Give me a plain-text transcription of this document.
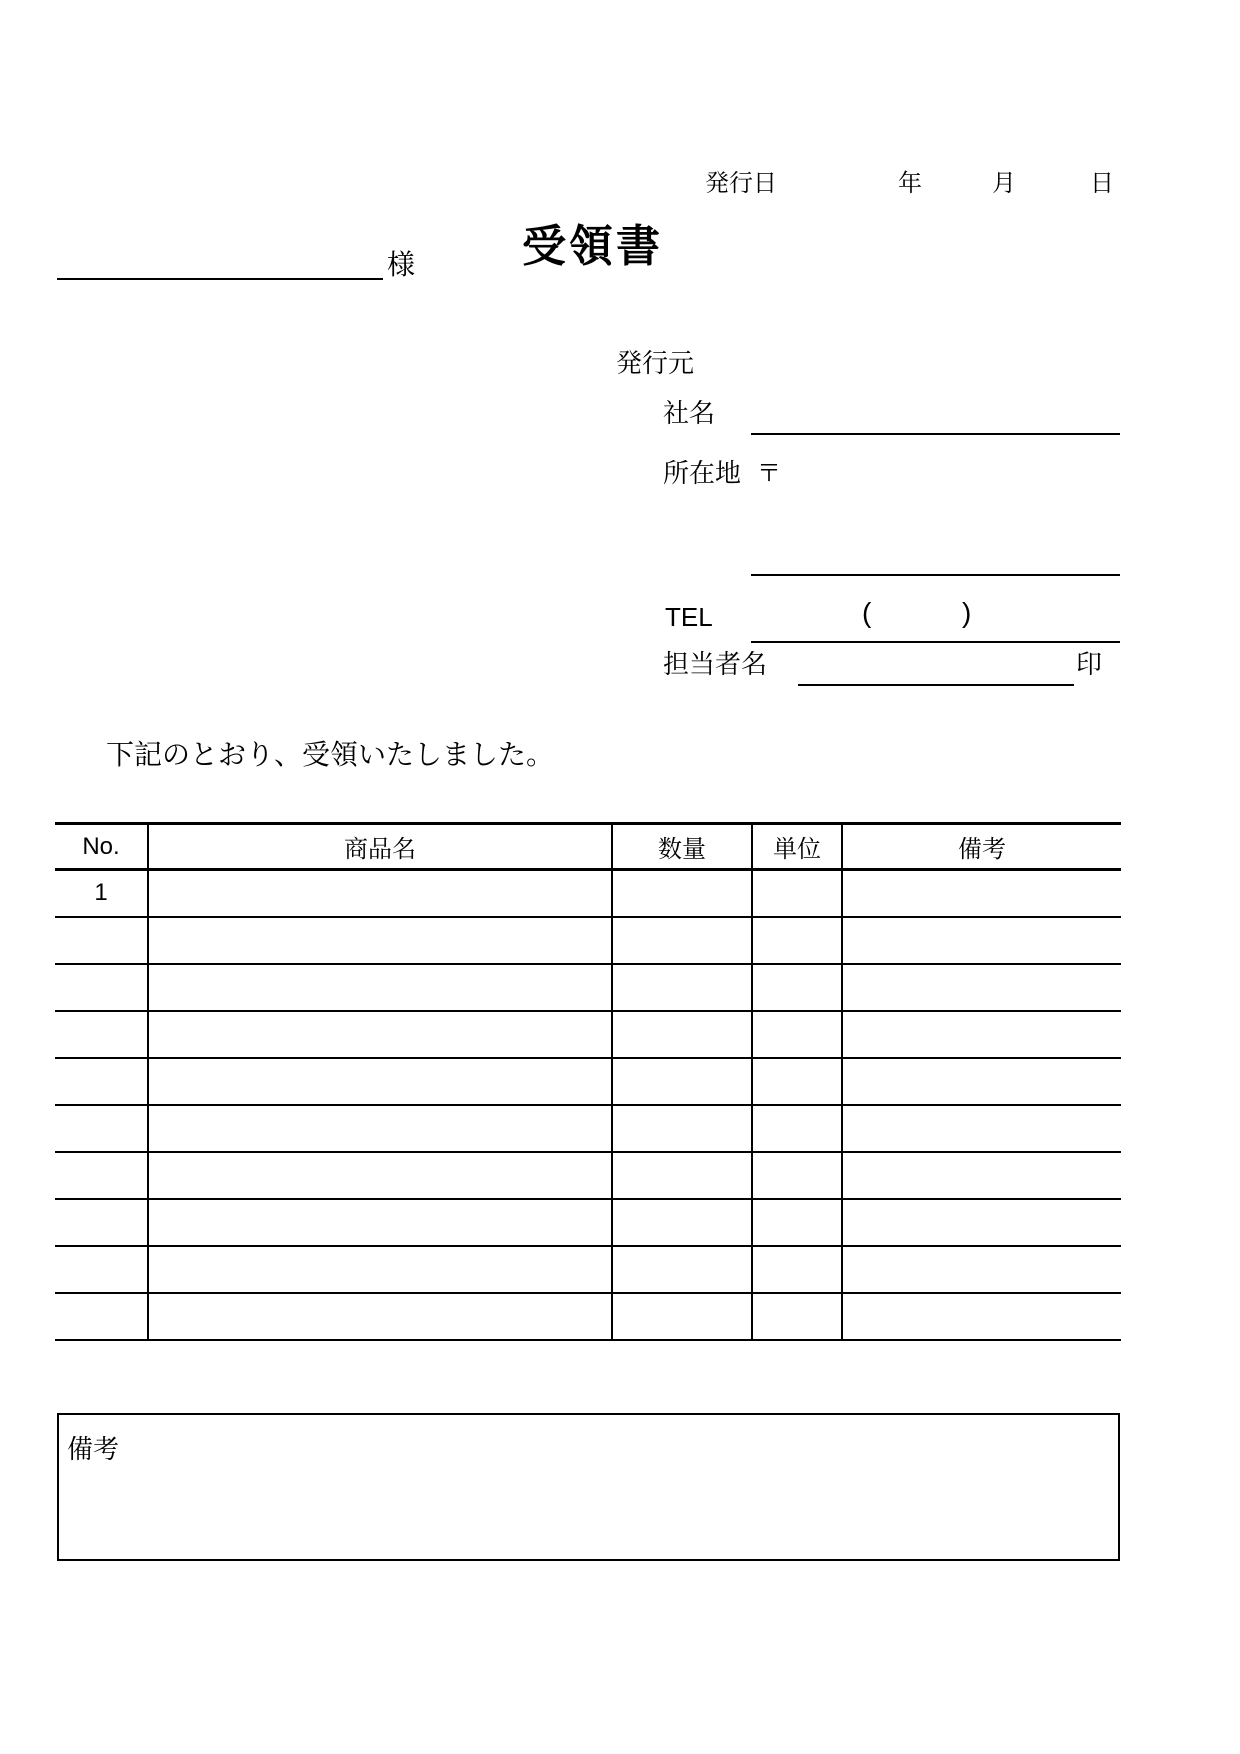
発行日	年	月	日
受領書
様
発行元
社名
所在地 〒
TEL	(	)
担当者名	印
下記のとおり、受領いたしました。
No.	商品名	数量	単位	備考
1				

備考
